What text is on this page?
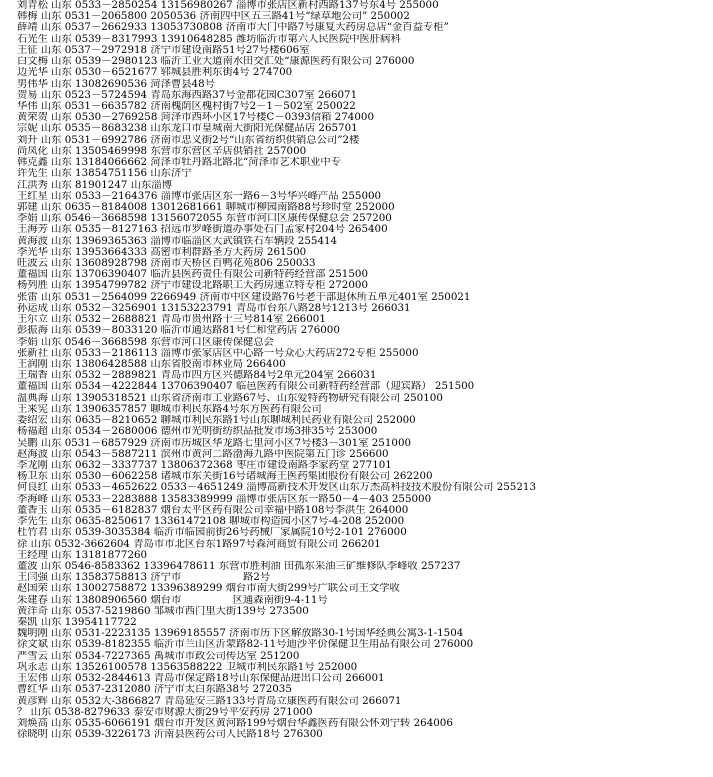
刘青松 山东 0533－2850254 13156980267 淄博市张店区新村西路137号东4号 255000
韩梅 山东 0531－2065800 2050536 济南四中区五三路41号“绿草地公司” 250002
薛靖 山东 0537－2662933 13053730808 济南市大门中路7号康复大药房总店“金百益专柜”
石光生 山东 0539－8317993 13910648285 潍坊临沂市第六人民医院中医肝病科
王征 山东 0537－2972918 济宁市建设南路51号27号楼606室
白文梅 山东 0539－2980123 临沂工业大道南水田交汇处“康源医药有限公司 276000
边光华 山东 0530－6521677 郓城县胜利东街4号 274700
男伟华 山东 13082690536 菏泽曹县48号
贺易 山东 0523－5724594 青岛东海西路37号金都花园C307室 266071
华伟 山东 0531－6635782 济南槐荫区槐村街7号2－1－502室 250022
黄荣贺 山东 0530－2769258 菏泽市西环小区17号楼C－0393信箱 274000
宗妮 山东 0535－8683238 山东龙口市皇城南大街阳光保健品店 265701
刘升 山东 0531－6992786 济南市忠义街2号“山东省纺织供销总公司”2楼
尚凤化 山东 13505469998 东营市东营区辛店供销社 257000
韩克鑫 山东 13184066662 菏泽市牡丹路北路北“菏泽市艺术职业中专
许先生 山东 13854751156 山东济宁
江洪秀 山东 81901247 山东淄博
王红星 山东 0533－2164376 淄博市张店区东一路6－3号华兴峰产品 255000
郭建 山东 0635－8184008 13012681661 聊城市柳园南路88号珍时堂 252000
李娟 山东 0546－3668598 13156072055 东营市河口区康传保健总会 257200
王海芳 山东 0535－8127163 招远市罗峰街道办事处石门孟家村204号 265400
黄海波 山东 13969365363 淄博市临淄区大武镇铁石车辆段 255414
李光华 山东 13953664333 高密市利群路圣方大药房 261500
旺波云 山东 13608928798 济南市天桥区百鸭花苑806 250033
董福国 山东 13706390407 临沂县医药责任有限公司新特药经营部 251500
杨列胜 山东 13954799782 济宁市建设北路职工大药房速立特专柜 272000
张雷 山东 0531－2564099 2266949 济南市中区建设路76号老干部退休所五单元401室 250021
孙运成 山东 0532－3256901 13153223791 青岛市台东八路28号1213号 266031
王尔立 山东 0532－2688821 青岛市贵州路十三号814室 266001
彭振海 山东 0539－8033120 临沂市通达路81号仁和堂药店 276000
李娟 山东 0546－3668598 东营市河口区康传保健总会
张新社 山东 0533－2186113 淄博市张家店区中心路一号众心大药店272专柜 255000
王润刚 山东 13806428588 山东省胶南市林业局 266400
王瑞香 山东 0532－2889821 青岛市四方区兴德路84号2单元204室 266031
董福国 山东 0534－4222844 13706390407 临邑医药有限公司新特药经营部（迎宾路） 251500
温典海 山东 13905318521 山东省济南市工业路67号、山东爱特药物研究有限公司 250100
王来宪 山东 13906357857 聊城市利民东路4号东方医药有限公司
委绍宏 山东 0635－8210652 聊城市利民东路1号山东聊城利民药业有限公司 252000
杨福超 山东 0534－2680006 德州市光明街纺织品批发市场3排35号 253000
吴鹏 山东 0531－6857929 济南市历城区华龙路七里河小区7号楼3－301室 251000
赵海波 山东 0543－5887211 滨州市黄河二路渤海九路中医院第五门诊 256600
李龙刚 山东 0632－3337737 13806372368 枣庄市建设南路李家药堂 277101
杨卫东 山东 0530－6062258 诸城市东关街16号诸城海王医药集团股份有限公司 262200
何良红 山东 0533－4652622 0533－4651249 淄博高新技术开发区山东万杰高科技技术股份有限公司 255213
李海峰 山东 0533－2283888 13583389999 淄博市张店区东一路50－4－403 255000
董香玉 山东 0535－6182837 烟台太平区药有限公司幸福中路108号李洪生 264000
李先生 山东 0635-8250617 13361472108 聊城市构造园小区7号-4-208 252000
杜竹君 山东 0539-3035384 临沂市临园前街26号药械厂家属院10号2-101 276000
徐 山东 0532-3662604 青岛市市北区台东1路97号森河商贸有限公司 266201
王经理 山东 13181877260
董波 山东 0546-8583362 13396478611 东营市胜利油 田孤东采油三矿维修队李峰收 257237
王闫强 山东 13583758813 济宁市　　　　　　路2号
赵国荣 山东 13002758872 13396389299 烟台市南大街299号广联公司王文学收
朱建春 山东 13808906560 烟台市　　　　　区通森南街9-4-11号
黄洋奇 山东 0537-5219860 邹城市西门里大街139号 273500
秦凯 山东 13954117722
魏明刚 山东 0531-2223135 13969185557 济南市历下区解放路30-1号国华经典公寓3-1-1504
徐文斌 山东 0539-8182355 临沂市兰山区沂蒙路82-11号迪沙平价保健卫生用品有限公司 276000
严雪云 山东 0534-7227365 禹城市市政公司传达室 251200
巩永志 山东 13526100578 13563588222 卫城市利民东路1号 252000
王宏伟 山东 0532-2844613 青岛市保定路18号山东保健品进出口公司 266001
曹红华 山东 0537-2312080 济宁市太白东路38号 272035
黄彦辉 山东 0532大-3866827 青岛延安三路133号青岛立康医药有限公司 266071
？ 山东 0538-8279633 泰安市财源大街29号平安药房 271000
刘焕高 山东 0535-6066191 烟台市开发区黄河路199号烟台华鑫医药有限公怀刘宁转 264006
徐晓明 山东 0539-3226173 沂南县医药公司人民路18号 276300
